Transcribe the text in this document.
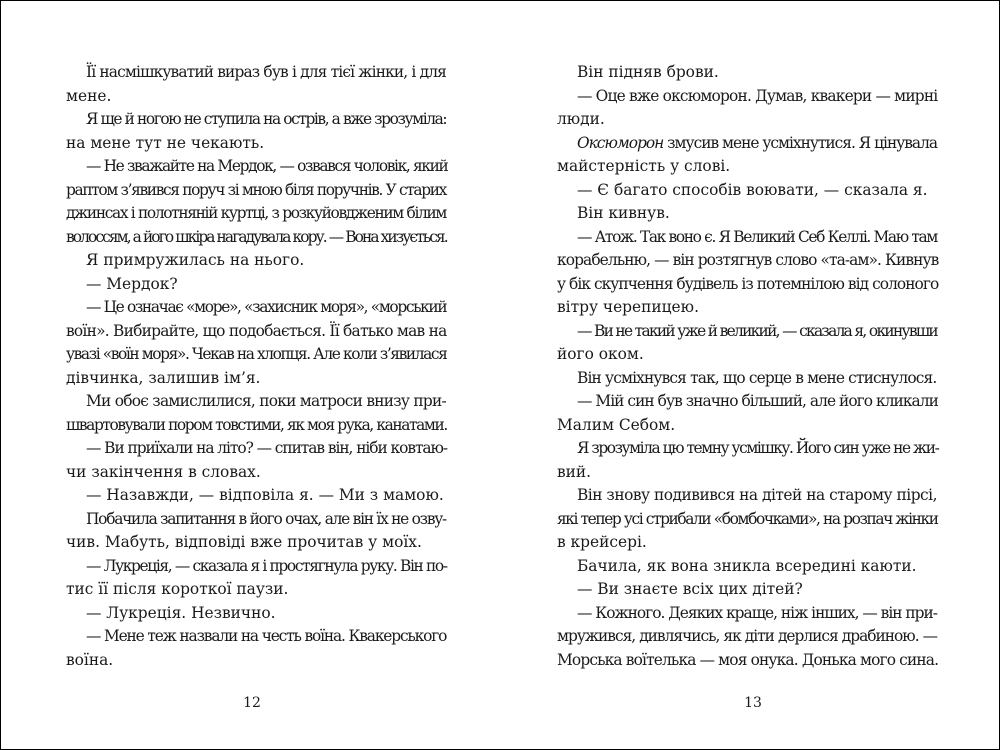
Її насмішкуватий вираз був і для тієї жінки, і для
мене.
Я ще й ногою не ступила на острів, а вже зрозуміла:
на мене тут не чекають.
— Не зважайте на Мердок, — озвався чоловік, який
раптом з’явився поруч зі мною біля поручнів. У старих
джинсах і полотняній куртці, з розкуйовдженим білим
волоссям, а його шкіра нагадувала кору. — Вона хизується.
Я примружилась на нього.
— Мердок?
— Це означає «море», «захисник моря», «морський
воїн». Вибирайте, що подобається. Її батько мав на
увазі «воїн моря». Чекав на хлопця. Але коли з’явилася
дівчинка, залишив ім’я.
Ми обоє замислилися, поки матроси внизу при-
швартовували пором товстими, як моя рука, канатами.
— Ви приїхали на літо? — спитав він, ніби ковтаю-
чи закінчення в словах.
— Назавжди, — відповіла я. — Ми з мамою.
Побачила запитання в його очах, але він їх не озву-
чив. Мабуть, відповіді вже прочитав у моїх.
— Лукреція, — сказала я і простягнула руку. Він по-
тис її після короткої паузи.
— Лукреція. Незвично.
— Мене теж назвали на честь воїна. Квакерського
воїна.
12
Він підняв брови.
— Оце вже оксюморон. Думав, квакери — мирні
люди.
Оксюморон змусив мене усміхнутися. Я цінувала
майстерність у слові.
— Є багато способів воювати, — сказала я.
Він кивнув.
— Атож. Так воно є. Я Великий Себ Келлі. Маю там
корабельню, — він розтягнув слово «та-ам». Кивнув
у бік скупчення будівель із потемнілою від солоного
вітру черепицею.
— Ви не такий уже й великий, — сказала я, окинувши
його оком.
Він усміхнувся так, що серце в мене стиснулося.
— Мій син був значно більший, але його кликали
Малим Себом.
Я зрозуміла цю темну усмішку. Його син уже не жи-
вий.
Він знову подивився на дітей на старому пірсі,
які тепер усі стрибали «бомбочками», на розпач жінки
в крейсері.
Бачила, як вона зникла всередині каюти.
— Ви знаєте всіх цих дітей?
— Кожного. Деяких краще, ніж інших, — він при-
мружився, дивлячись, як діти дерлися драбиною. —
Морська воїтелька — моя онука. Донька мого сина.
13
